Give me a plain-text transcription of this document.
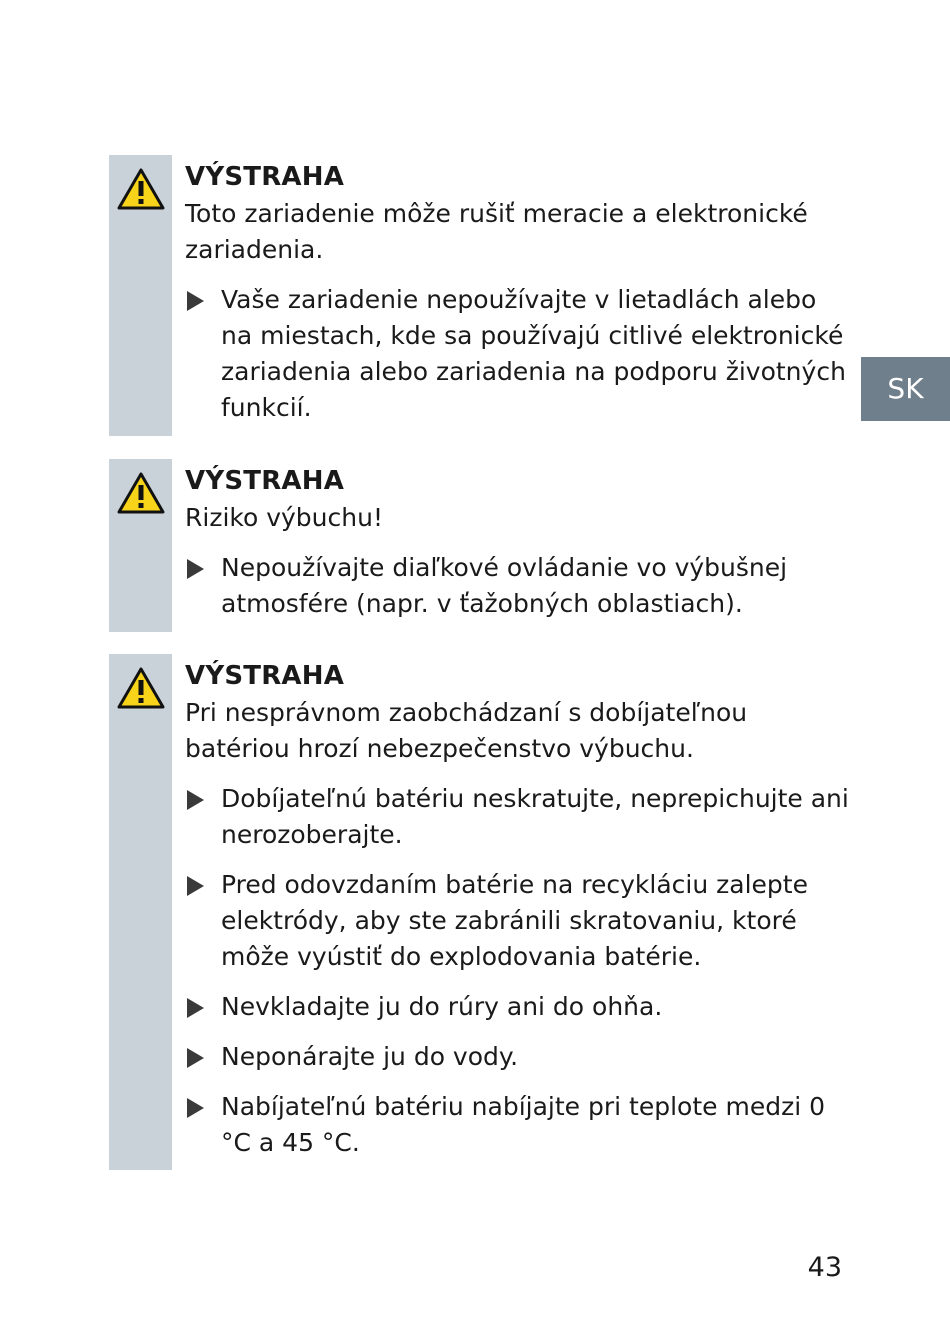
VÝSTRAHA
Toto zariadenie môže rušiť meracie a elektronické zariadenia.
Vaše zariadenie nepoužívajte v lietadlách alebo na miestach, kde sa používajú citlivé elektronické zariadenia alebo zariadenia na podporu životných funkcií.
VÝSTRAHA
Riziko výbuchu!
Nepoužívajte diaľkové ovládanie vo výbušnej atmosfére (napr. v ťažobných oblastiach).
VÝSTRAHA
Pri nesprávnom zaobchádzaní s dobíjateľnou batériou hrozí nebezpečenstvo výbuchu.
Dobíjateľnú batériu neskratujte, neprepichujte ani nerozoberajte.
Pred odovzdaním batérie na recykláciu zalepte elektródy, aby ste zabránili skratovaniu, ktoré môže vyústiť do explodovania batérie.
Nevkladajte ju do rúry ani do ohňa.
Neponárajte ju do vody.
Nabíjateľnú batériu nabíjajte pri teplote medzi 0 °C a 45 °C.
SK
43
